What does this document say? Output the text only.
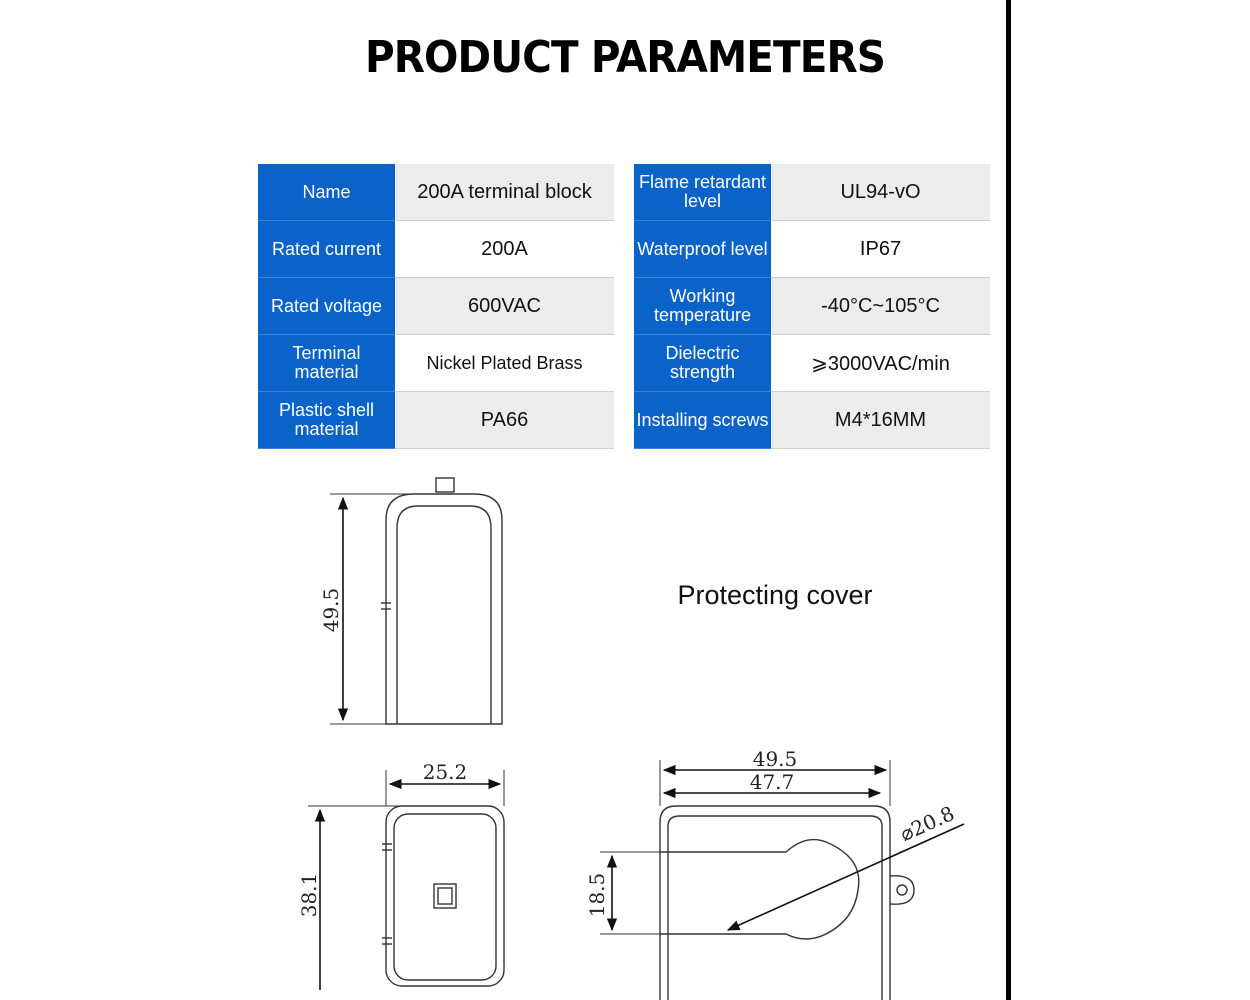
PRODUCT PARAMETERS
Name	200A terminal block
Rated current	200A
Rated voltage	600VAC
Terminal material	Nickel Plated Brass
Plastic shell material	PA66
Flame retardant level	UL94-vO
Waterproof level	IP67
Working temperature	-40°C~105°C
Dielectric strength	⩾3000VAC/min
Installing screws	M4*16MM
Protecting cover
49.5
25.2
38.1
49.5
47.7
18.5
⌀20.8
